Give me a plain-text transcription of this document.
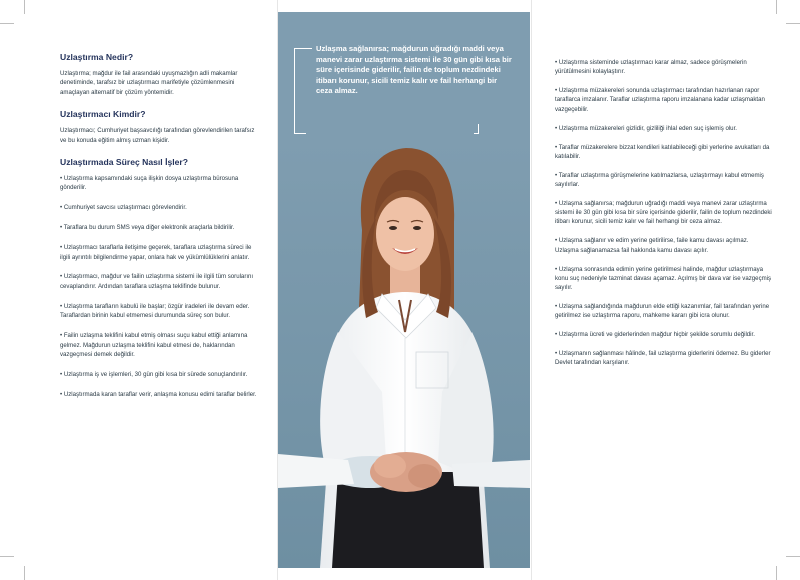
Uzlaştırma Nedir?

Uzlaştırma; mağdur ile fail arasındaki uyuşmazlığın adli makamlar denetiminde, tarafsız bir uzlaştırmacı marifetiyle çözümlenmesini amaçlayan alternatif bir çözüm yöntemidir.

Uzlaştırmacı Kimdir?

Uzlaştırmacı; Cumhuriyet başsavcılığı tarafından görevlendirilen tarafsız ve bu konuda eğitim almış uzman kişidir.

Uzlaştırmada Süreç Nasıl İşler?
• Uzlaştırma kapsamındaki suça ilişkin dosya uzlaştırma bürosuna gönderilir.
• Cumhuriyet savcısı uzlaştırmacı görevlendirir.
• Taraflara bu durum SMS veya diğer elektronik araçlarla bildirilir.
• Uzlaştırmacı taraflarla iletişime geçerek, taraflara uzlaştırma süreci ile ilgili ayrıntılı bilgilendirme yapar, onlara hak ve yükümlülüklerini anlatır.
• Uzlaştırmacı, mağdur ve failin uzlaştırma sistemi ile ilgili tüm sorularını cevaplandırır. Ardından taraflara uzlaşma teklifinde bulunur.
• Uzlaştırma tarafların kabulü ile başlar; özgür iradeleri ile devam eder. Taraflardan birinin kabul etmemesi durumunda süreç son bulur.
• Failin uzlaşma teklifini kabul etmiş olması suçu kabul ettiği anlamına gelmez. Mağdurun uzlaşma teklifini kabul etmesi de, haklarından vazgeçmesi demek değildir.
• Uzlaştırma iş ve işlemleri, 30 gün gibi kısa bir sürede sonuçlandırılır.
• Uzlaştırmada karan taraflar verir, anlaşma konusu edimi taraflar belirler.
Uzlaşma sağlanırsa; mağdurun uğradığı maddi veya manevi zarar uzlaştırma sistemi ile 30 gün gibi kısa bir süre içerisinde giderilir, failin de toplum nezdindeki itibarı korunur, sicili temiz kalır ve fail herhangi bir ceza almaz.
• Uzlaştırma sisteminde uzlaştırmacı karar almaz, sadece görüşmelerin yürütülmesini kolaylaştırır.
• Uzlaştırma müzakereleri sonunda uzlaştırmacı tarafından hazırlanan rapor taraflarca imzalanır. Taraflar uzlaştırma raporu imzalanana kadar uzlaşmaktan vazgeçebilir.
• Uzlaştırma müzakereleri gizlidir, gizliliği ihlal eden suç işlemiş olur.
• Taraflar müzakerelere bizzat kendileri katılabileceği gibi yerlerine avukatları da katılabilir.
• Taraflar uzlaştırma görüşmelerine katılmazlarsa, uzlaştırmayı kabul etmemiş sayılırlar.
• Uzlaşma sağlanırsa; mağdurun uğradığı maddi veya manevi zarar uzlaştırma sistemi ile 30 gün gibi kısa bir süre içerisinde giderilir, failin de toplum nezdindeki itibarı korunur, sicili temiz kalır ve fail herhangi bir ceza almaz.
• Uzlaşma sağlanır ve edim yerine getirilirse, faile kamu davası açılmaz. Uzlaşma sağlanamazsa fail hakkında kamu davası açılır.
• Uzlaşma sonrasında edimin yerine getirilmesi halinde, mağdur uzlaştırmaya konu suç nedeniyle tazminat davası açamaz. Açılmış bir dava var ise vazgeçmiş sayılır.
• Uzlaşma sağlandığında mağdurun elde ettiği kazanımlar, fail tarafından yerine getirilmez ise uzlaştırma raporu, mahkeme kararı gibi icra olunur.
• Uzlaştırma ücreti ve giderlerinden mağdur hiçbir şekilde sorumlu değildir.
• Uzlaşmanın sağlanması hâlinde, fail uzlaştırma giderlerini ödemez. Bu giderler Devlet tarafından karşılanır.
